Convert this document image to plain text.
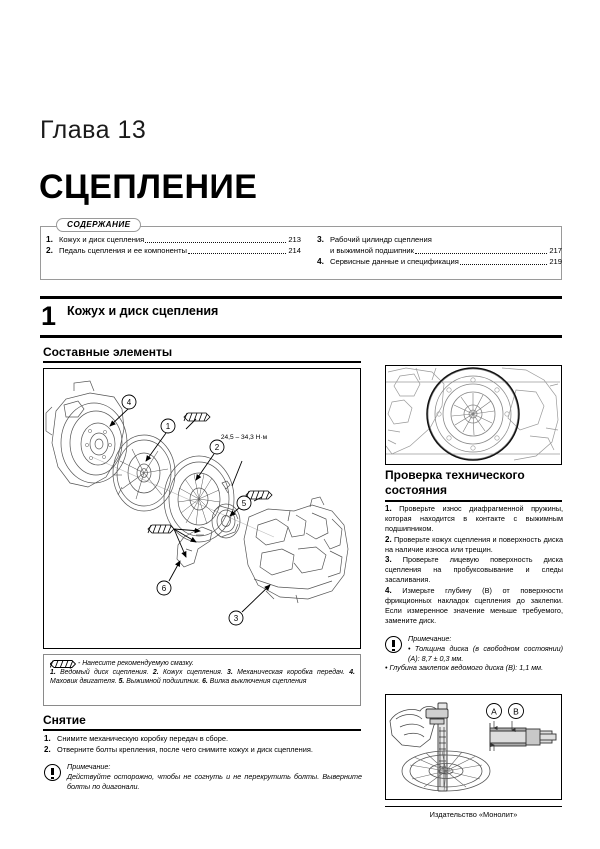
Глава 13
СЦЕПЛЕНИЕ
СОДЕРЖАНИЕ
1. Кожух и диск сцепления	213
2. Педаль сцепления и ее компоненты	214
3. Рабочий цилиндр сцепления
и выжимной подшипник	217
4. Сервисные данные и спецификация	219
1 Кожух и диск сцепления
Составные элементы
4
1
2
5
6
3
24,5 – 34,3 Н·м
- Нанесите рекомендуемую смазку.
1. Ведомый диск сцепления. 2. Кожух сцепления. 3. Механическая коробка передач. 4. Маховик двигателя. 5. Выжимной подшипник. 6. Вилка выключения сцепления
Снятие
1. Снимите механическую коробку передач в сборе.
2. Отверните болты крепления, после чего снимите кожух и диск сцепления.
Примечание:
Действуйте осторожно, чтобы не согнуть и не перекрутить болты. Выверните болты по диагонали.
Проверка технического состояния
1. Проверьте износ диафрагменной пружины, которая находится в контакте с выжимным подшипником.
2. Проверьте кожух сцепления и поверхность диска на наличие износа или трещин.
3. Проверьте лицевую поверхность диска сцепления на пробуксовывание и следы засаливания.
4. Измерьте глубину (В) от поверхности фрикционных накладок сцепления до заклепки. Если измеренное значение меньше требуемого, замените диск.
Примечание:
• Толщина диска (в свободном состоянии) (А): 8,7 ± 0,3 мм.
• Глубина заклепок ведомого диска (В): 1,1 мм.
А В
Издательство «Монолит»
